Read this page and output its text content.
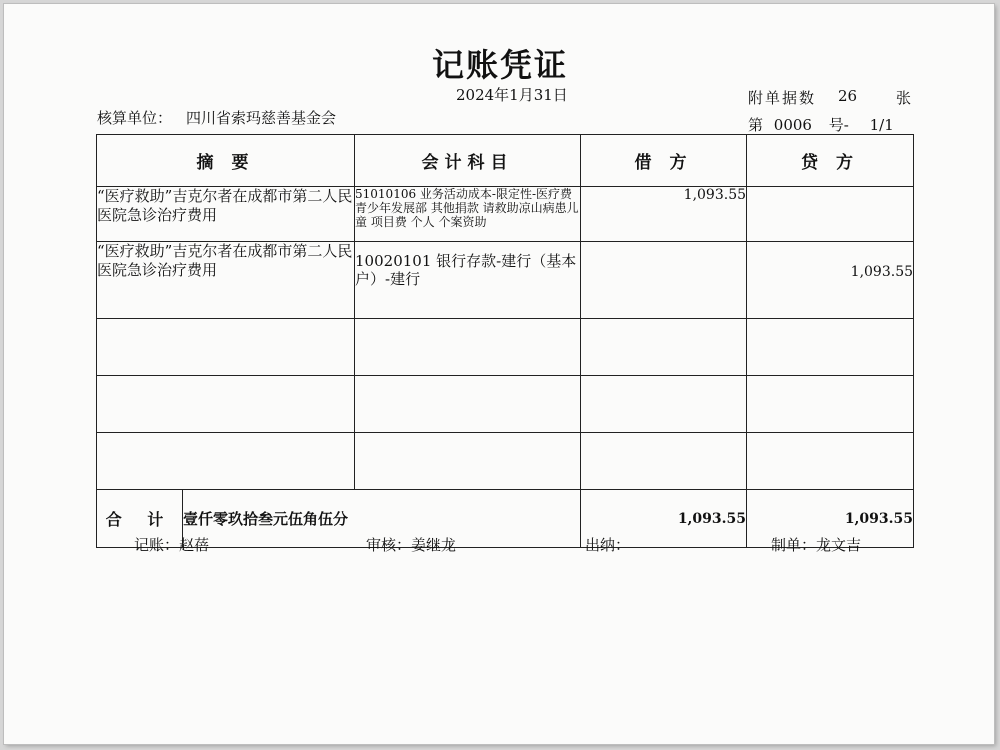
记账凭证
2024年1月31日	附单据数 26	张
核算单位： 四川省索玛慈善基金会	第 0006 号- 1/1
摘 要		会计科目	借 方	贷 方
“医疗救助”吉克尔者在成都市第二人民医院急诊治疗费用		51010106 业务活动成本-限定性-医疗费 青少年发展部 其他捐款 请救助凉山病患儿童 项目费 个人 个案资助	1,093.55	
“医疗救助”吉克尔者在成都市第二人民医院急诊治疗费用		10020101 银行存款-建行（基本户）-建行		1,093.55

合 计	壹仟零玖拾叁元伍角伍分		1,093.55	1,093.55
记账：赵蓓	审核：姜继龙	出纳：	制单：龙文吉
